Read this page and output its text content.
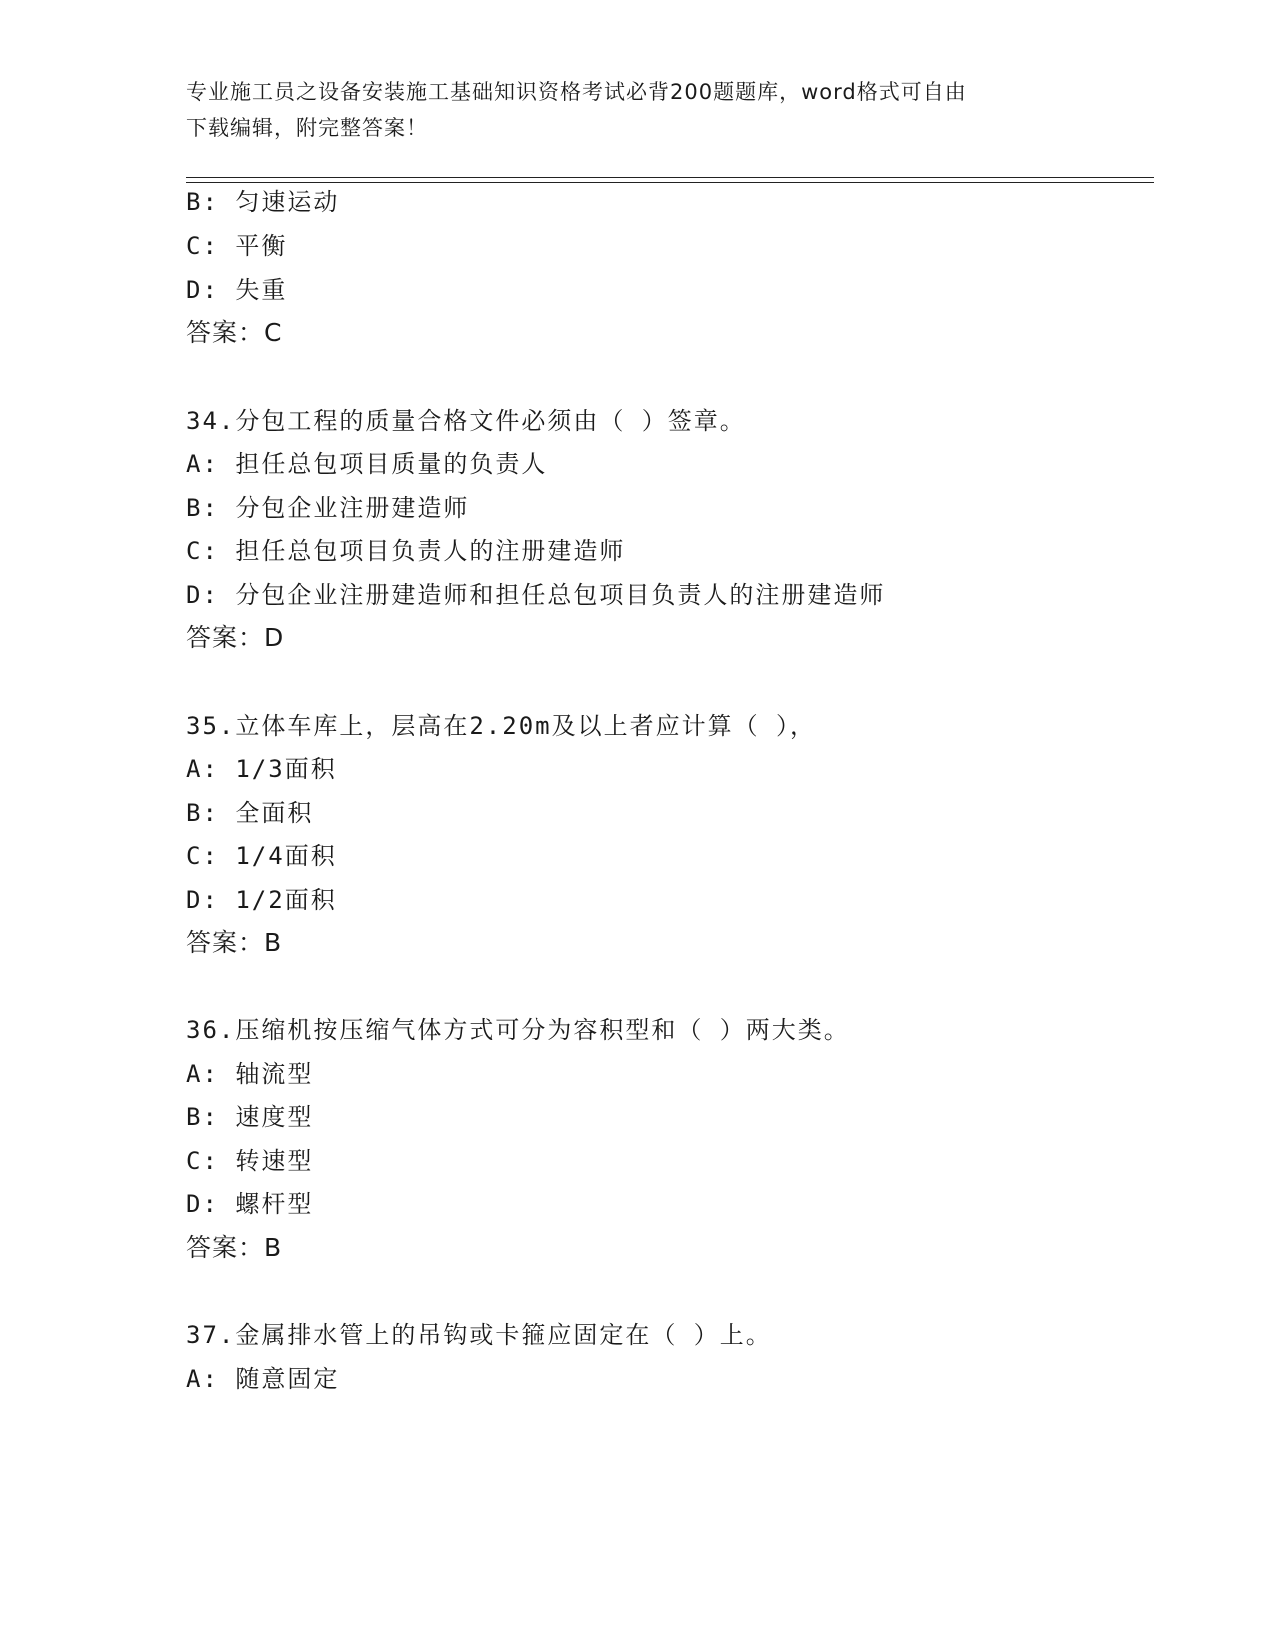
专业施工员之设备安装施工基础知识资格考试必背200题题库，word格式可自由
下载编辑，附完整答案！
B: 匀速运动
C: 平衡
D: 失重
答案：C
34.分包工程的质量合格文件必须由（ ）签章。
A: 担任总包项目质量的负责人
B: 分包企业注册建造师
C: 担任总包项目负责人的注册建造师
D: 分包企业注册建造师和担任总包项目负责人的注册建造师
答案：D
35.立体车库上，层高在2.20m及以上者应计算（ ），
A: 1/3面积
B: 全面积
C: 1/4面积
D: 1/2面积
答案：B
36.压缩机按压缩气体方式可分为容积型和（ ）两大类。
A: 轴流型
B: 速度型
C: 转速型
D: 螺杆型
答案：B
37.金属排水管上的吊钩或卡箍应固定在（ ）上。
A: 随意固定
